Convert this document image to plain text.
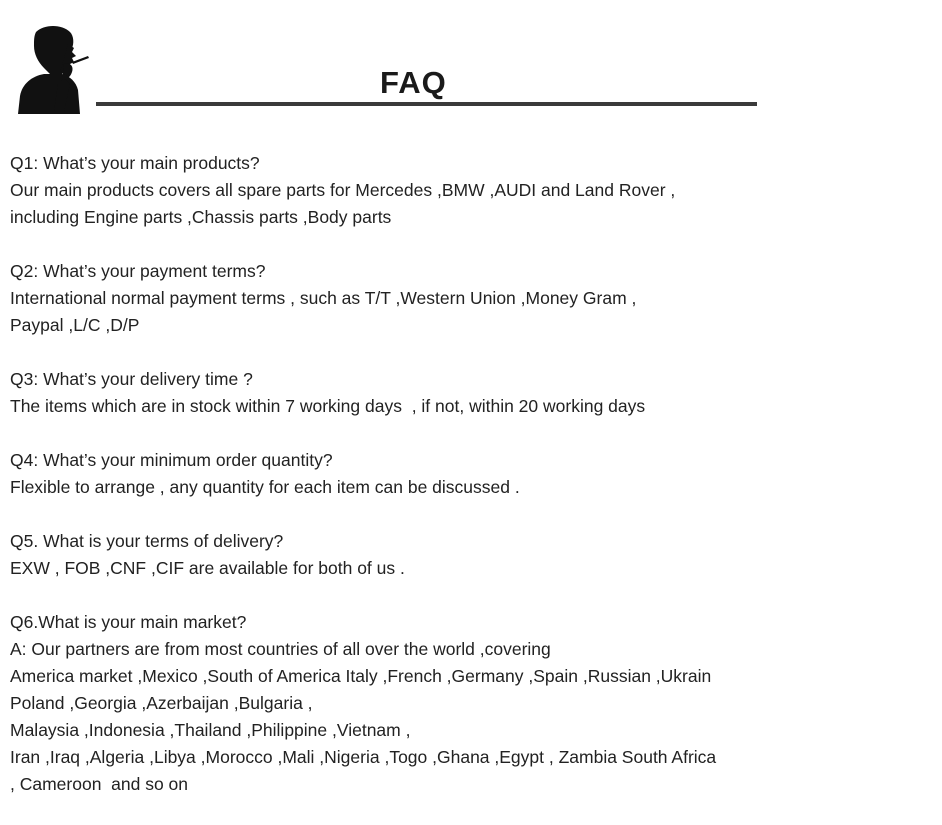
FAQ
Q1: What’s your main products?
Our main products covers all spare parts for Mercedes ,BMW ,AUDI and Land Rover ,
including Engine parts ,Chassis parts ,Body parts
Q2: What’s your payment terms?
International normal payment terms , such as T/T ,Western Union ,Money Gram ,
Paypal ,L/C ,D/P
Q3: What’s your delivery time ?
The items which are in stock within 7 working days  , if not, within 20 working days
Q4: What’s your minimum order quantity?
Flexible to arrange , any quantity for each item can be discussed .
Q5. What is your terms of delivery?
EXW , FOB ,CNF ,CIF are available for both of us .
Q6.What is your main market?
A: Our partners are from most countries of all over the world ,covering
America market ,Mexico ,South of America Italy ,French ,Germany ,Spain ,Russian ,Ukrain
Poland ,Georgia ,Azerbaijan ,Bulgaria ,
Malaysia ,Indonesia ,Thailand ,Philippine ,Vietnam ,
Iran ,Iraq ,Algeria ,Libya ,Morocco ,Mali ,Nigeria ,Togo ,Ghana ,Egypt , Zambia South Africa
, Cameroon  and so on
